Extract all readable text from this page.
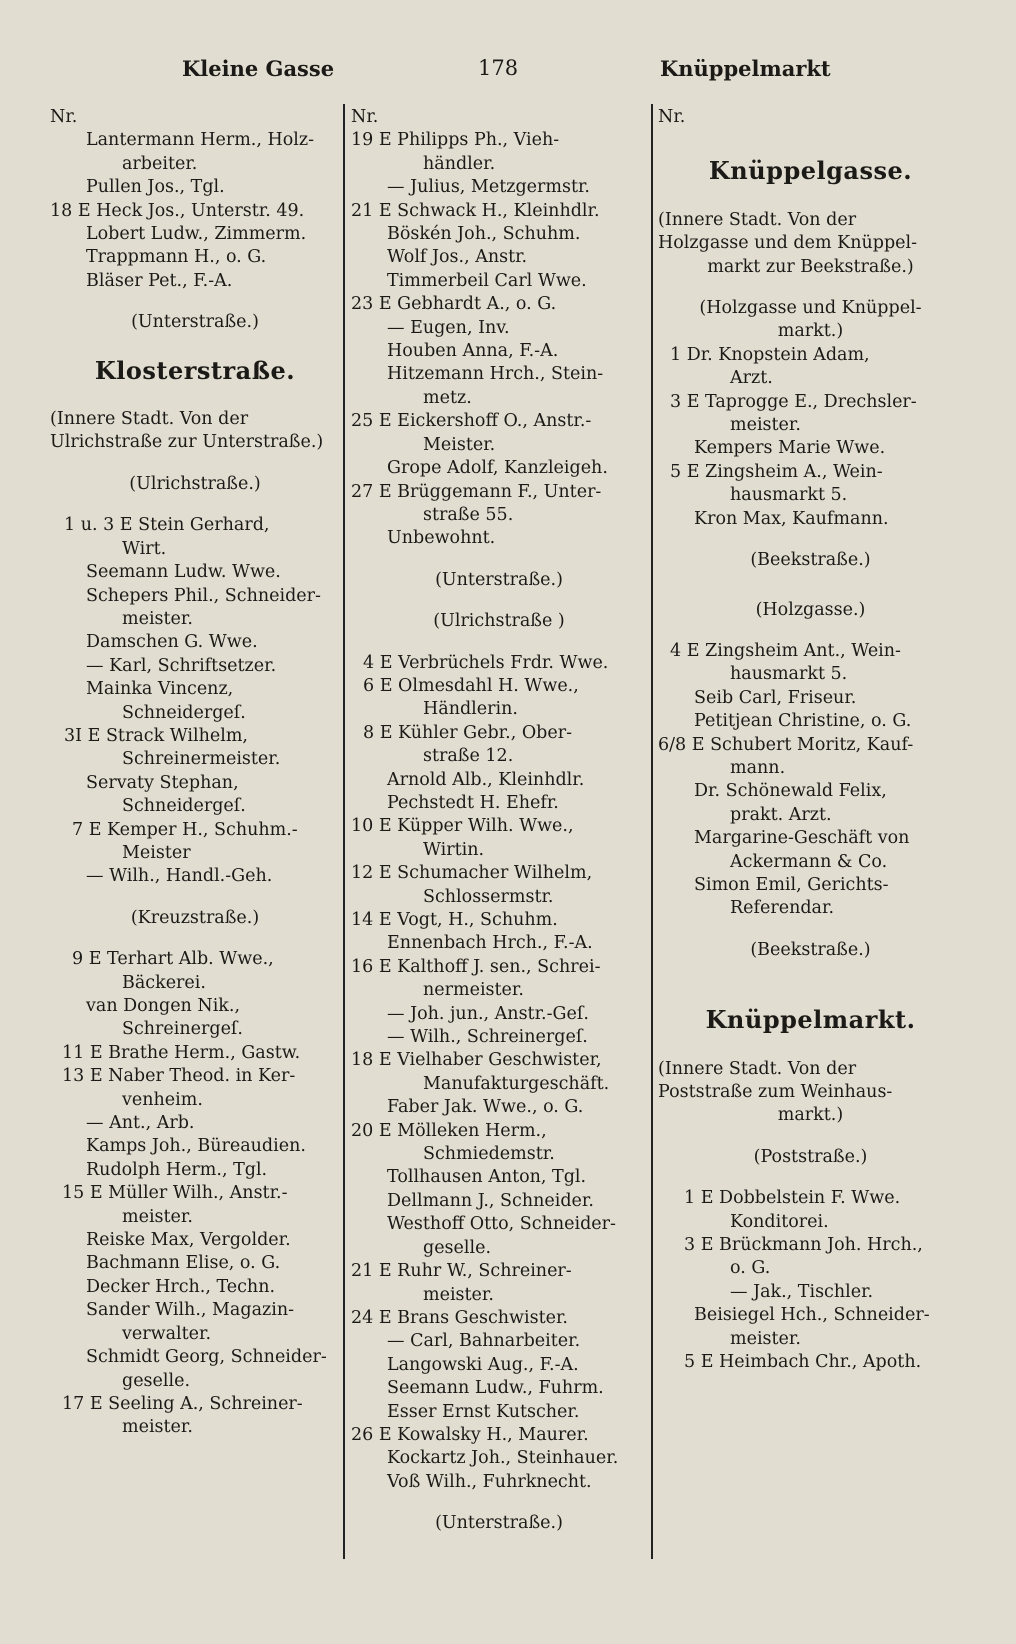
Kleine Gasse	178	Knüppelmarkt
Nr.
Lantermann Herm., Holz-
arbeiter.
Pullen Jos., Tgl.
18 E Heck Jos., Unterstr. 49.
Lobert Ludw., Zimmerm.
Trappmann H., o. G.
Bläser Pet., F.-A.
(Unterstraße.)
Klosterstraße.
(Innere Stadt. Von der
Ulrichstraße zur Unterstraße.)
(Ulrichstraße.)
1 u. 3 E Stein Gerhard,
Wirt.
Seemann Ludw. Wwe.
Schepers Phil., Schneider-
meister.
Damschen G. Wwe.
— Karl, Schriftsetzer.
Mainka Vincenz,
Schneidergeſ.
3I E Strack Wilhelm,
Schreinermeister.
Servaty Stephan,
Schneidergeſ.
7 E Kemper H., Schuhm.-
Meister
— Wilh., Handl.-Geh.
(Kreuzstraße.)
9 E Terhart Alb. Wwe.,
Bäckerei.
van Dongen Nik.,
Schreinergeſ.
11 E Brathe Herm., Gastw.
13 E Naber Theod. in Ker-
venheim.
— Ant., Arb.
Kamps Joh., Büreaudien.
Rudolph Herm., Tgl.
15 E Müller Wilh., Anstr.-
meister.
Reiske Max, Vergolder.
Bachmann Elise, o. G.
Decker Hrch., Techn.
Sander Wilh., Magazin-
verwalter.
Schmidt Georg, Schneider-
geselle.
17 E Seeling A., Schreiner-
meister.
Nr.
19 E Philipps Ph., Vieh-
händler.
— Julius, Metzgermstr.
21 E Schwack H., Kleinhdlr.
Böskén Joh., Schuhm.
Wolf Jos., Anstr.
Timmerbeil Carl Wwe.
23 E Gebhardt A., o. G.
— Eugen, Inv.
Houben Anna, F.-A.
Hitzemann Hrch., Stein-
metz.
25 E Eickershoff O., Anstr.-
Meister.
Grope Adolf, Kanzleigeh.
27 E Brüggemann F., Unter-
straße 55.
Unbewohnt.
(Unterstraße.)
(Ulrichstraße )
4 E Verbrüchels Frdr. Wwe.
6 E Olmesdahl H. Wwe.,
Händlerin.
8 E Kühler Gebr., Ober-
straße 12.
Arnold Alb., Kleinhdlr.
Pechstedt H. Ehefr.
10 E Küpper Wilh. Wwe.,
Wirtin.
12 E Schumacher Wilhelm,
Schlossermstr.
14 E Vogt, H., Schuhm.
Ennenbach Hrch., F.-A.
16 E Kalthoff J. sen., Schrei-
nermeister.
— Joh. jun., Anstr.-Geſ.
— Wilh., Schreinergeſ.
18 E Vielhaber Geschwister,
Manufakturgeschäft.
Faber Jak. Wwe., o. G.
20 E Mölleken Herm.,
Schmiedemstr.
Tollhausen Anton, Tgl.
Dellmann J., Schneider.
Westhoff Otto, Schneider-
geselle.
21 E Ruhr W., Schreiner-
meister.
24 E Brans Geschwister.
— Carl, Bahnarbeiter.
Langowski Aug., F.-A.
Seemann Ludw., Fuhrm.
Esser Ernst Kutscher.
26 E Kowalsky H., Maurer.
Kockartz Joh., Steinhauer.
Voß Wilh., Fuhrknecht.
(Unterstraße.)
Nr.
Knüppelgasse.
(Innere Stadt. Von der
Holzgasse und dem Knüppel-
markt zur Beekstraße.)
(Holzgasse und Knüppel-
markt.)
1 Dr. Knopstein Adam,
Arzt.
3 E Taprogge E., Drechsler-
meister.
Kempers Marie Wwe.
5 E Zingsheim A., Wein-
hausmarkt 5.
Kron Max, Kaufmann.
(Beekstraße.)
(Holzgasse.)
4 E Zingsheim Ant., Wein-
hausmarkt 5.
Seib Carl, Friseur.
Petitjean Christine, o. G.
6/8 E Schubert Moritz, Kauf-
mann.
Dr. Schönewald Felix,
prakt. Arzt.
Margarine-Geschäft von
Ackermann & Co.
Simon Emil, Gerichts-
Referendar.
(Beekstraße.)
Knüppelmarkt.
(Innere Stadt. Von der
Poststraße zum Weinhaus-
markt.)
(Poststraße.)
1 E Dobbelstein F. Wwe.
Konditorei.
3 E Brückmann Joh. Hrch.,
o. G.
— Jak., Tischler.
Beisiegel Hch., Schneider-
meister.
5 E Heimbach Chr., Apoth.
